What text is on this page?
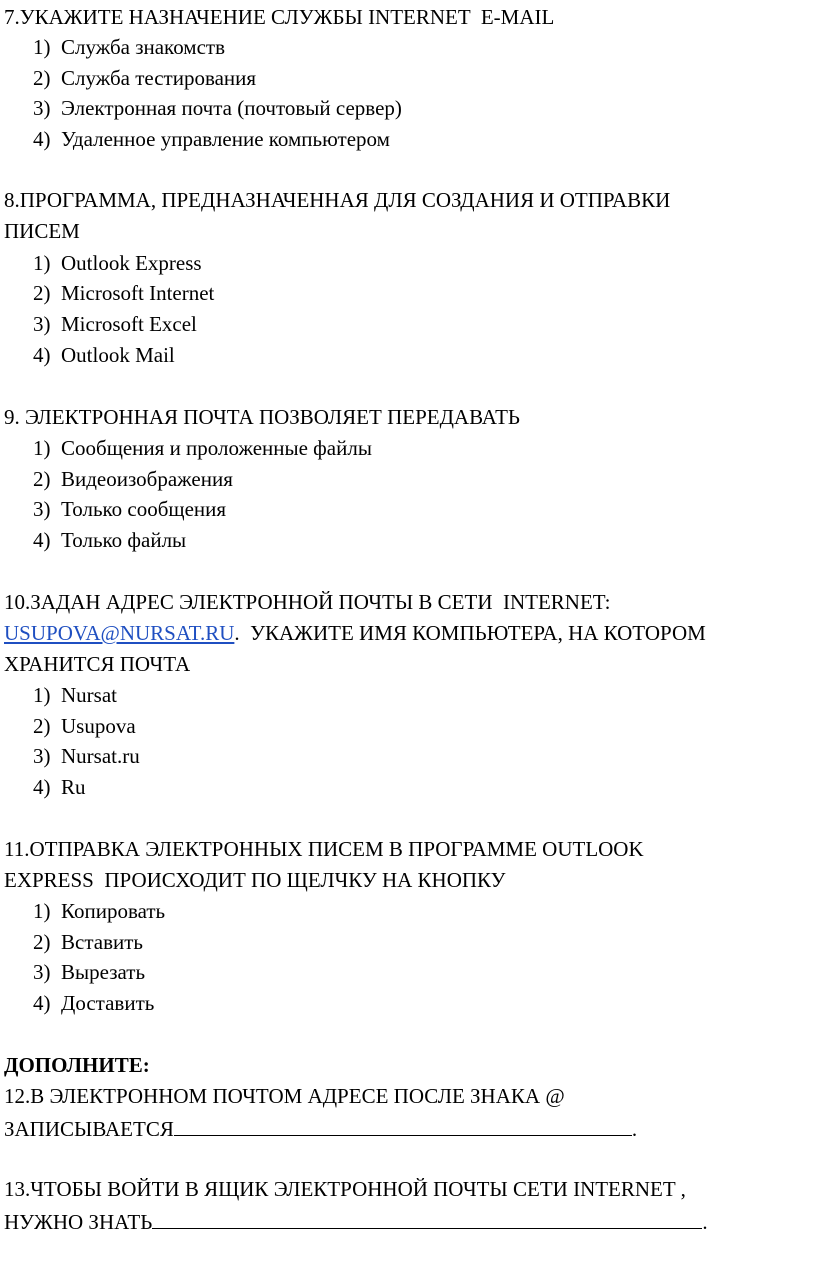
7.УКАЖИТЕ НАЗНАЧЕНИЕ СЛУЖБЫ INTERNET  E-MAIL
1) Служба знакомств
2) Служба тестирования
3) Электронная почта (почтовый сервер)
4) Удаленное управление компьютером
8.ПРОГРАММА, ПРЕДНАЗНАЧЕННАЯ ДЛЯ СОЗДАНИЯ И ОТПРАВКИ
ПИСЕМ
1) Outlook Express
2) Microsoft Internet
3) Microsoft Excel
4) Outlook Mail
9. ЭЛЕКТРОННАЯ ПОЧТА ПОЗВОЛЯЕТ ПЕРЕДАВАТЬ
1) Сообщения и проложенные файлы
2) Видеоизображения
3) Только сообщения
4) Только файлы
10.ЗАДАН АДРЕС ЭЛЕКТРОННОЙ ПОЧТЫ В СЕТИ  INTERNET:
USUPOVA@NURSAT.RU.  УКАЖИТЕ ИМЯ КОМПЬЮТЕРА, НА КОТОРОМ
ХРАНИТСЯ ПОЧТА
1) Nursat
2) Usupova
3) Nursat.ru
4) Ru
11.ОТПРАВКА ЭЛЕКТРОННЫХ ПИСЕМ В ПРОГРАММЕ OUTLOOK
EXPRESS  ПРОИСХОДИТ ПО ЩЕЛЧКУ НА КНОПКУ
1) Копировать
2) Вставить
3) Вырезать
4) Доставить
ДОПОЛНИТЕ:
12.В ЭЛЕКТРОННОМ ПОЧТОМ АДРЕСЕ ПОСЛЕ ЗНАКА @
ЗАПИСЫВАЕТСЯ	.
13.ЧТОБЫ ВОЙТИ В ЯЩИК ЭЛЕКТРОННОЙ ПОЧТЫ СЕТИ INTERNET ,
НУЖНО ЗНАТЬ	.
